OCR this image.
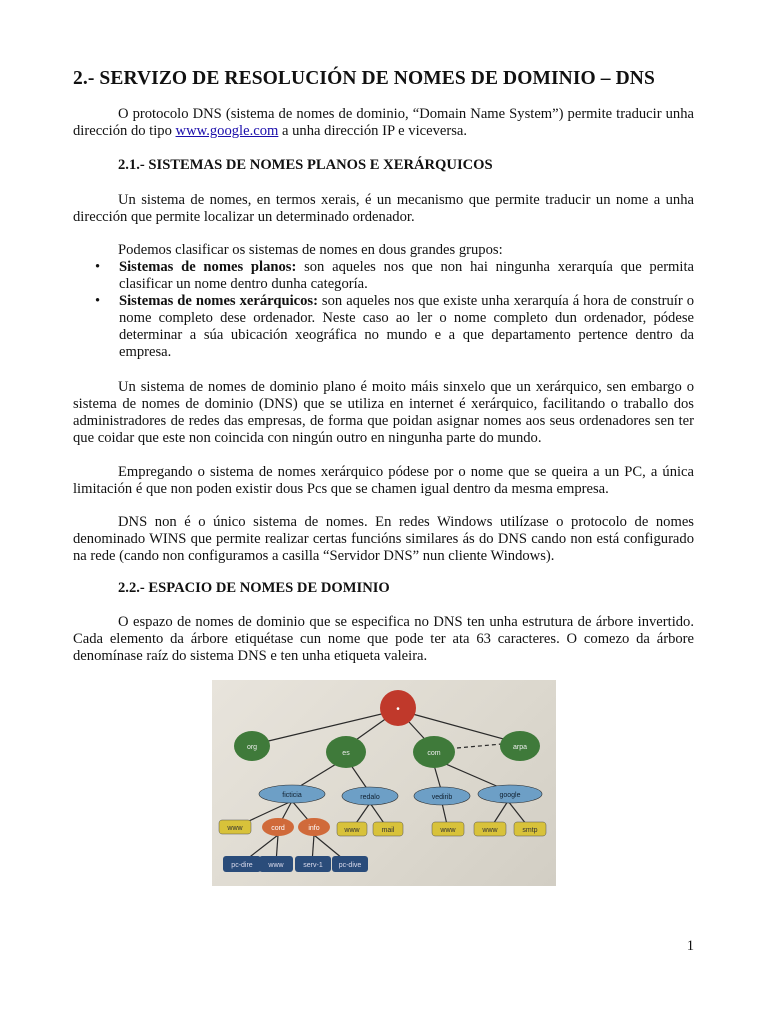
2.- SERVIZO DE RESOLUCIÓN DE NOMES DE DOMINIO – DNS

O protocolo DNS (sistema de nomes de dominio, “Domain Name System”) permite traducir unha dirección do tipo www.google.com a unha dirección IP e viceversa.

2.1.- SISTEMAS DE NOMES PLANOS E XERÁRQUICOS

Un sistema de nomes, en termos xerais, é un mecanismo que permite traducir un nome a unha dirección que permite localizar un determinado ordenador.

Podemos clasificar os sistemas de nomes en dous grandes grupos:

• Sistemas de nomes planos: son aqueles nos que non hai ningunha xerarquía que permita clasificar un nome dentro dunha categoría.
• Sistemas de nomes xerárquicos: son aqueles nos que existe unha xerarquía á hora de construír o nome completo dese ordenador. Neste caso ao ler o nome completo dun ordenador, pódese determinar a súa ubicación xeográfica no mundo e a que departamento pertence dentro da empresa.

Un sistema de nomes de dominio plano é moito máis sinxelo que un xerárquico, sen embargo o sistema de nomes de dominio (DNS) que se utiliza en internet é xerárquico, facilitando o traballo dos administradores de redes das empresas, de forma que poidan asignar nomes aos seus ordenadores sen ter que coidar que este non coincida con ningún outro en ningunha parte do mundo.

Empregando o sistema de nomes xerárquico pódese por o nome que se queira a un PC, a única limitación é que non poden existir dous Pcs que se chamen igual dentro da mesma empresa.

DNS non é o único sistema de nomes. En redes Windows utilízase o protocolo de nomes denominado WINS que permite realizar certas funcións similares ás do DNS cando non está configurado na rede (cando non configuramos a casilla “Servidor DNS” nun cliente Windows).

2.2.- ESPACIO DE NOMES DE DOMINIO

O espazo de nomes de dominio que se especifica no DNS ten unha estrutura de árbore invertido. Cada elemento da árbore etiquétase cun nome que pode ter ata 63 caracteres. O comezo da árbore denomínase raíz do sistema DNS e ten unha etiqueta valeira.

•
org
es	com
arpa
ficticia	redalo	vedirib	google
www	cord	info	www	mail	www	www	smtp
pc-dire www	serv-1 pc-dive
1
